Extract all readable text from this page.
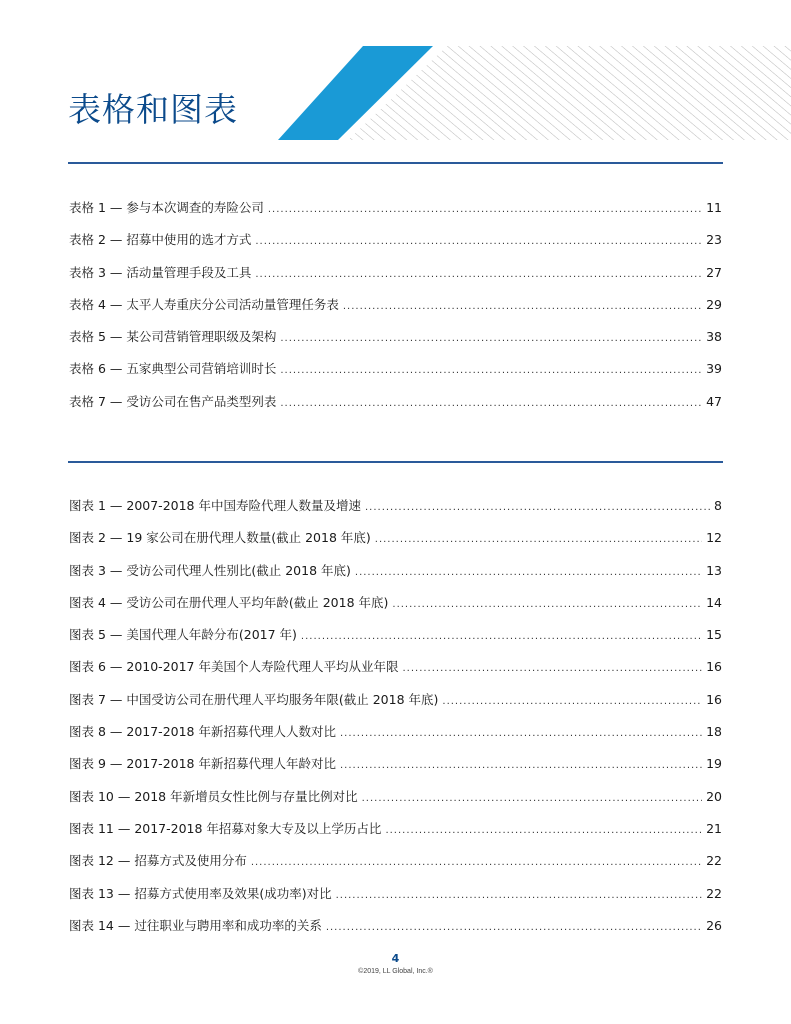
表格和图表
表格 1 — 参与本次调查的寿险公司 .....	11
表格 2 — 招募中使用的选才方式 .....	23
表格 3 — 活动量管理手段及工具 .....	27
表格 4 — 太平人寿重庆分公司活动量管理任务表 .....	29
表格 5 — 某公司营销管理职级及架构 .....	38
表格 6 — 五家典型公司营销培训时长 .....	39
表格 7 — 受访公司在售产品类型列表 .....	47
图表 1 — 2007-2018 年中国寿险代理人数量及增速 .....	8
图表 2 — 19 家公司在册代理人数量(截止 2018 年底) .....	12
图表 3 — 受访公司代理人性别比(截止 2018 年底) .....	13
图表 4 — 受访公司在册代理人平均年龄(截止 2018 年底) .....	14
图表 5 — 美国代理人年龄分布(2017 年) .....	15
图表 6 — 2010-2017 年美国个人寿险代理人平均从业年限 .....	16
图表 7 — 中国受访公司在册代理人平均服务年限(截止 2018 年底) .....	16
图表 8 — 2017-2018 年新招募代理人人数对比 .....	18
图表 9 — 2017-2018 年新招募代理人年龄对比 .....	19
图表 10 — 2018 年新增员女性比例与存量比例对比 .....	20
图表 11 — 2017-2018 年招募对象大专及以上学历占比 .....	21
图表 12 — 招募方式及使用分布 .....	22
图表 13 — 招募方式使用率及效果(成功率)对比 .....	22
图表 14 — 过往职业与聘用率和成功率的关系 .....	26
4
©2019, LL Global, Inc.®
